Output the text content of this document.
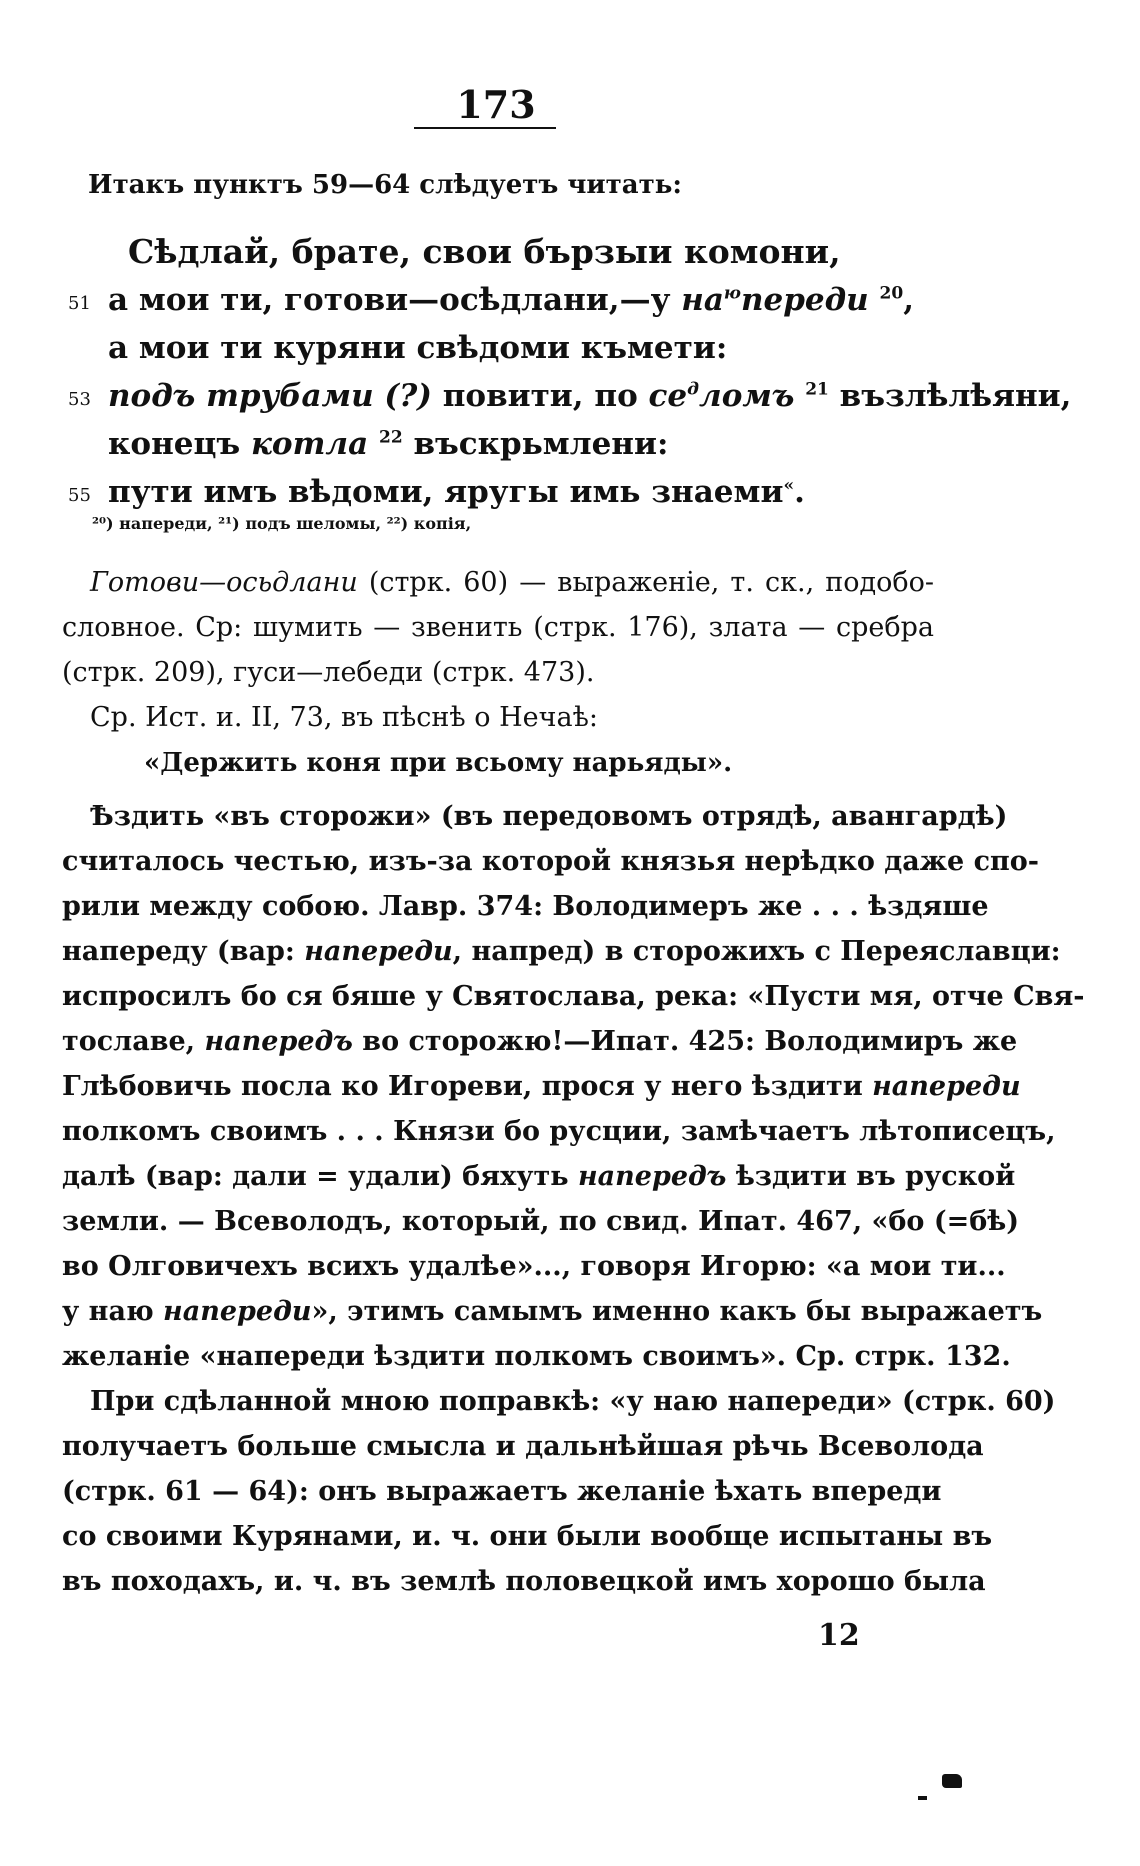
173
Итакъ пунктъ 59—64 слѣдуетъ читать:
Сѣдлай, брате, свои бързыи комони,
51 а мои ти, готови—осѣдлани,—у $на^юпереди$ $^{20}$,
а мои ти куряни свѣдоми къмети:
53 подъ трубами (?) повити, по $се^дломъ$ $^{21}$ възлѣлѣяни,
конецъ котла $^{22}$ въскрьмлени:
55 пути имъ вѣдоми, яругы имь знаеми«.
²⁰) напереди, ²¹) подъ шеломы, ²²) копія,
Готови—осьдлани (стрк. 60) — выраженіе, т. ск., подобо-
словное. Ср: шумить — звенить (стрк. 176), злата — сребра
(стрк. 209), гуси—лебеди (стрк. 473).
Ср. Ист. и. II, 73, въ пѣснѣ о Нечаѣ:
«Держить коня при всьому нарьяды».
Ѣздить «въ сторожи» (въ передовомъ отрядѣ, авангардѣ)
считалось честью, изъ-за которой князья нерѣдко даже спо-
рили между собою. Лавр. 374: Володимеръ же . . . ѣздяше
напереду (вар: напереди, напред) в сторожихъ с Переяславци:
испросилъ бо ся бяше у Святослава, река: «Пусти мя, отче Свя-
тославе, напередъ во сторожю!—Ипат. 425: Володимиръ же
Глѣбовичь посла ко Игореви, прося у него ѣздити напереди
полкомъ своимъ . . . Князи бо русции, замѣчаетъ лѣтописецъ,
далѣ (вар: дали = удали) бяхуть напередъ ѣздити въ руской
земли. — Всеволодъ, который, по свид. Ипат. 467, «бо (=бѣ)
во Олговичехъ всихъ удалѣе»..., говоря Игорю: «а мои ти...
у наю напереди», этимъ самымъ именно какъ бы выражаетъ
желаніе «напереди ѣздити полкомъ своимъ». Ср. стрк. 132.
При сдѣланной мною поправкѣ: «у наю напереди» (стрк. 60)
получаетъ больше смысла и дальнѣйшая рѣчь Всеволода
(стрк. 61 — 64): онъ выражаетъ желаніе ѣхать впереди
со своими Курянами, и. ч. они были вообще испытаны въ
въ походахъ, и. ч. въ землѣ половецкой имъ хорошо была
12
